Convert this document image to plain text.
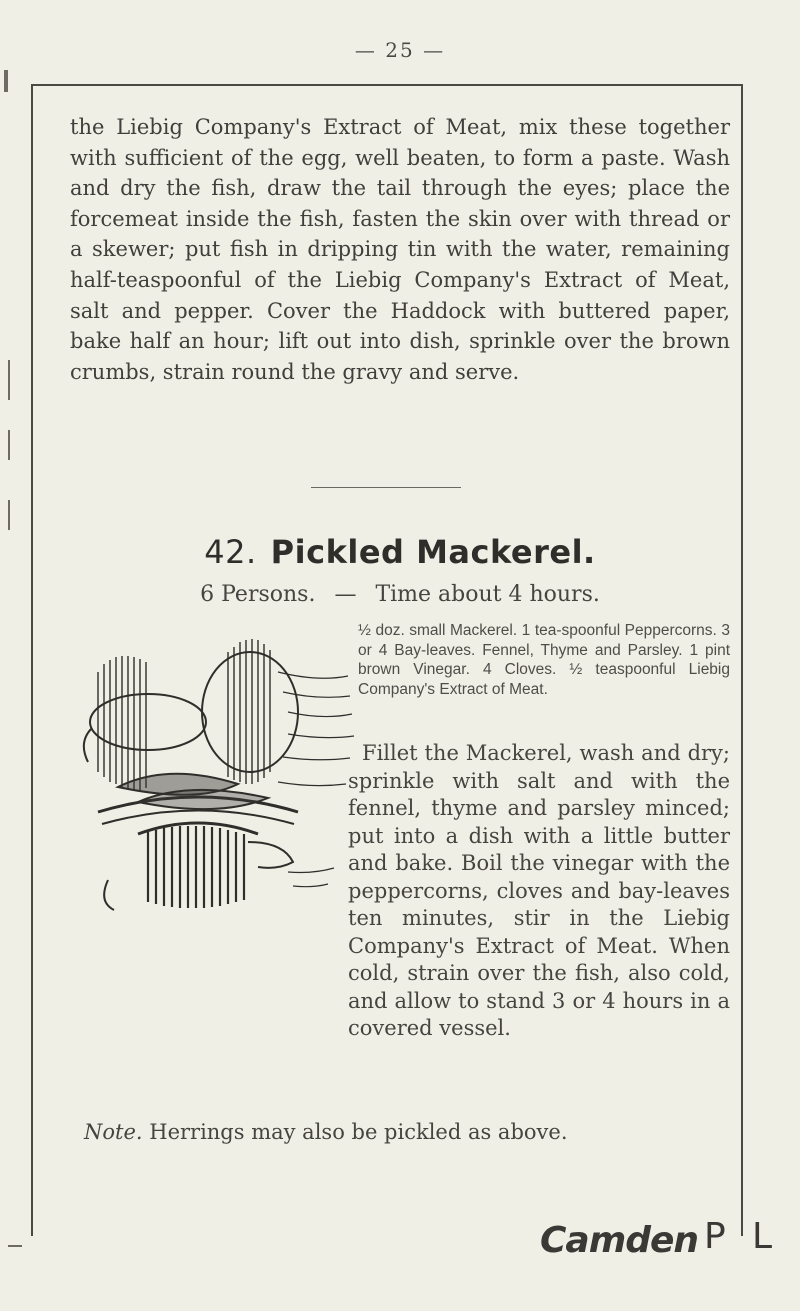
— 25 —
the Liebig Company's Extract of Meat, mix these together with sufficient of the egg, well beaten, to form a paste. Wash and dry the fish, draw the tail through the eyes; place the forcemeat inside the fish, fasten the skin over with thread or a skewer; put fish in dripping tin with the water, remaining half-teaspoonful of the Liebig Company's Extract of Meat, salt and pepper. Cover the Haddock with buttered paper, bake half an hour; lift out into dish, sprinkle over the brown crumbs, strain round the gravy and serve.
42. Pickled Mackerel.
6 Persons. — Time about 4 hours.
½ doz. small Mackerel. 1 tea-spoonful Peppercorns. 3 or 4 Bay-leaves. Fennel, Thyme and Parsley. 1 pint brown Vinegar. 4 Cloves. ½ teaspoonful Liebig Company's Extract of Meat.

Fillet the Mackerel, wash and dry; sprinkle with salt and with the fennel, thyme and parsley minced; put into a dish with a little butter and bake. Boil the vinegar with the peppercorns, cloves and bay-leaves ten minutes, stir in the Liebig Company's Extract of Meat. When cold, strain over the fish, also cold, and allow to stand 3 or 4 hours in a covered vessel.

Note. Herrings may also be pickled as above.
Camden P L
